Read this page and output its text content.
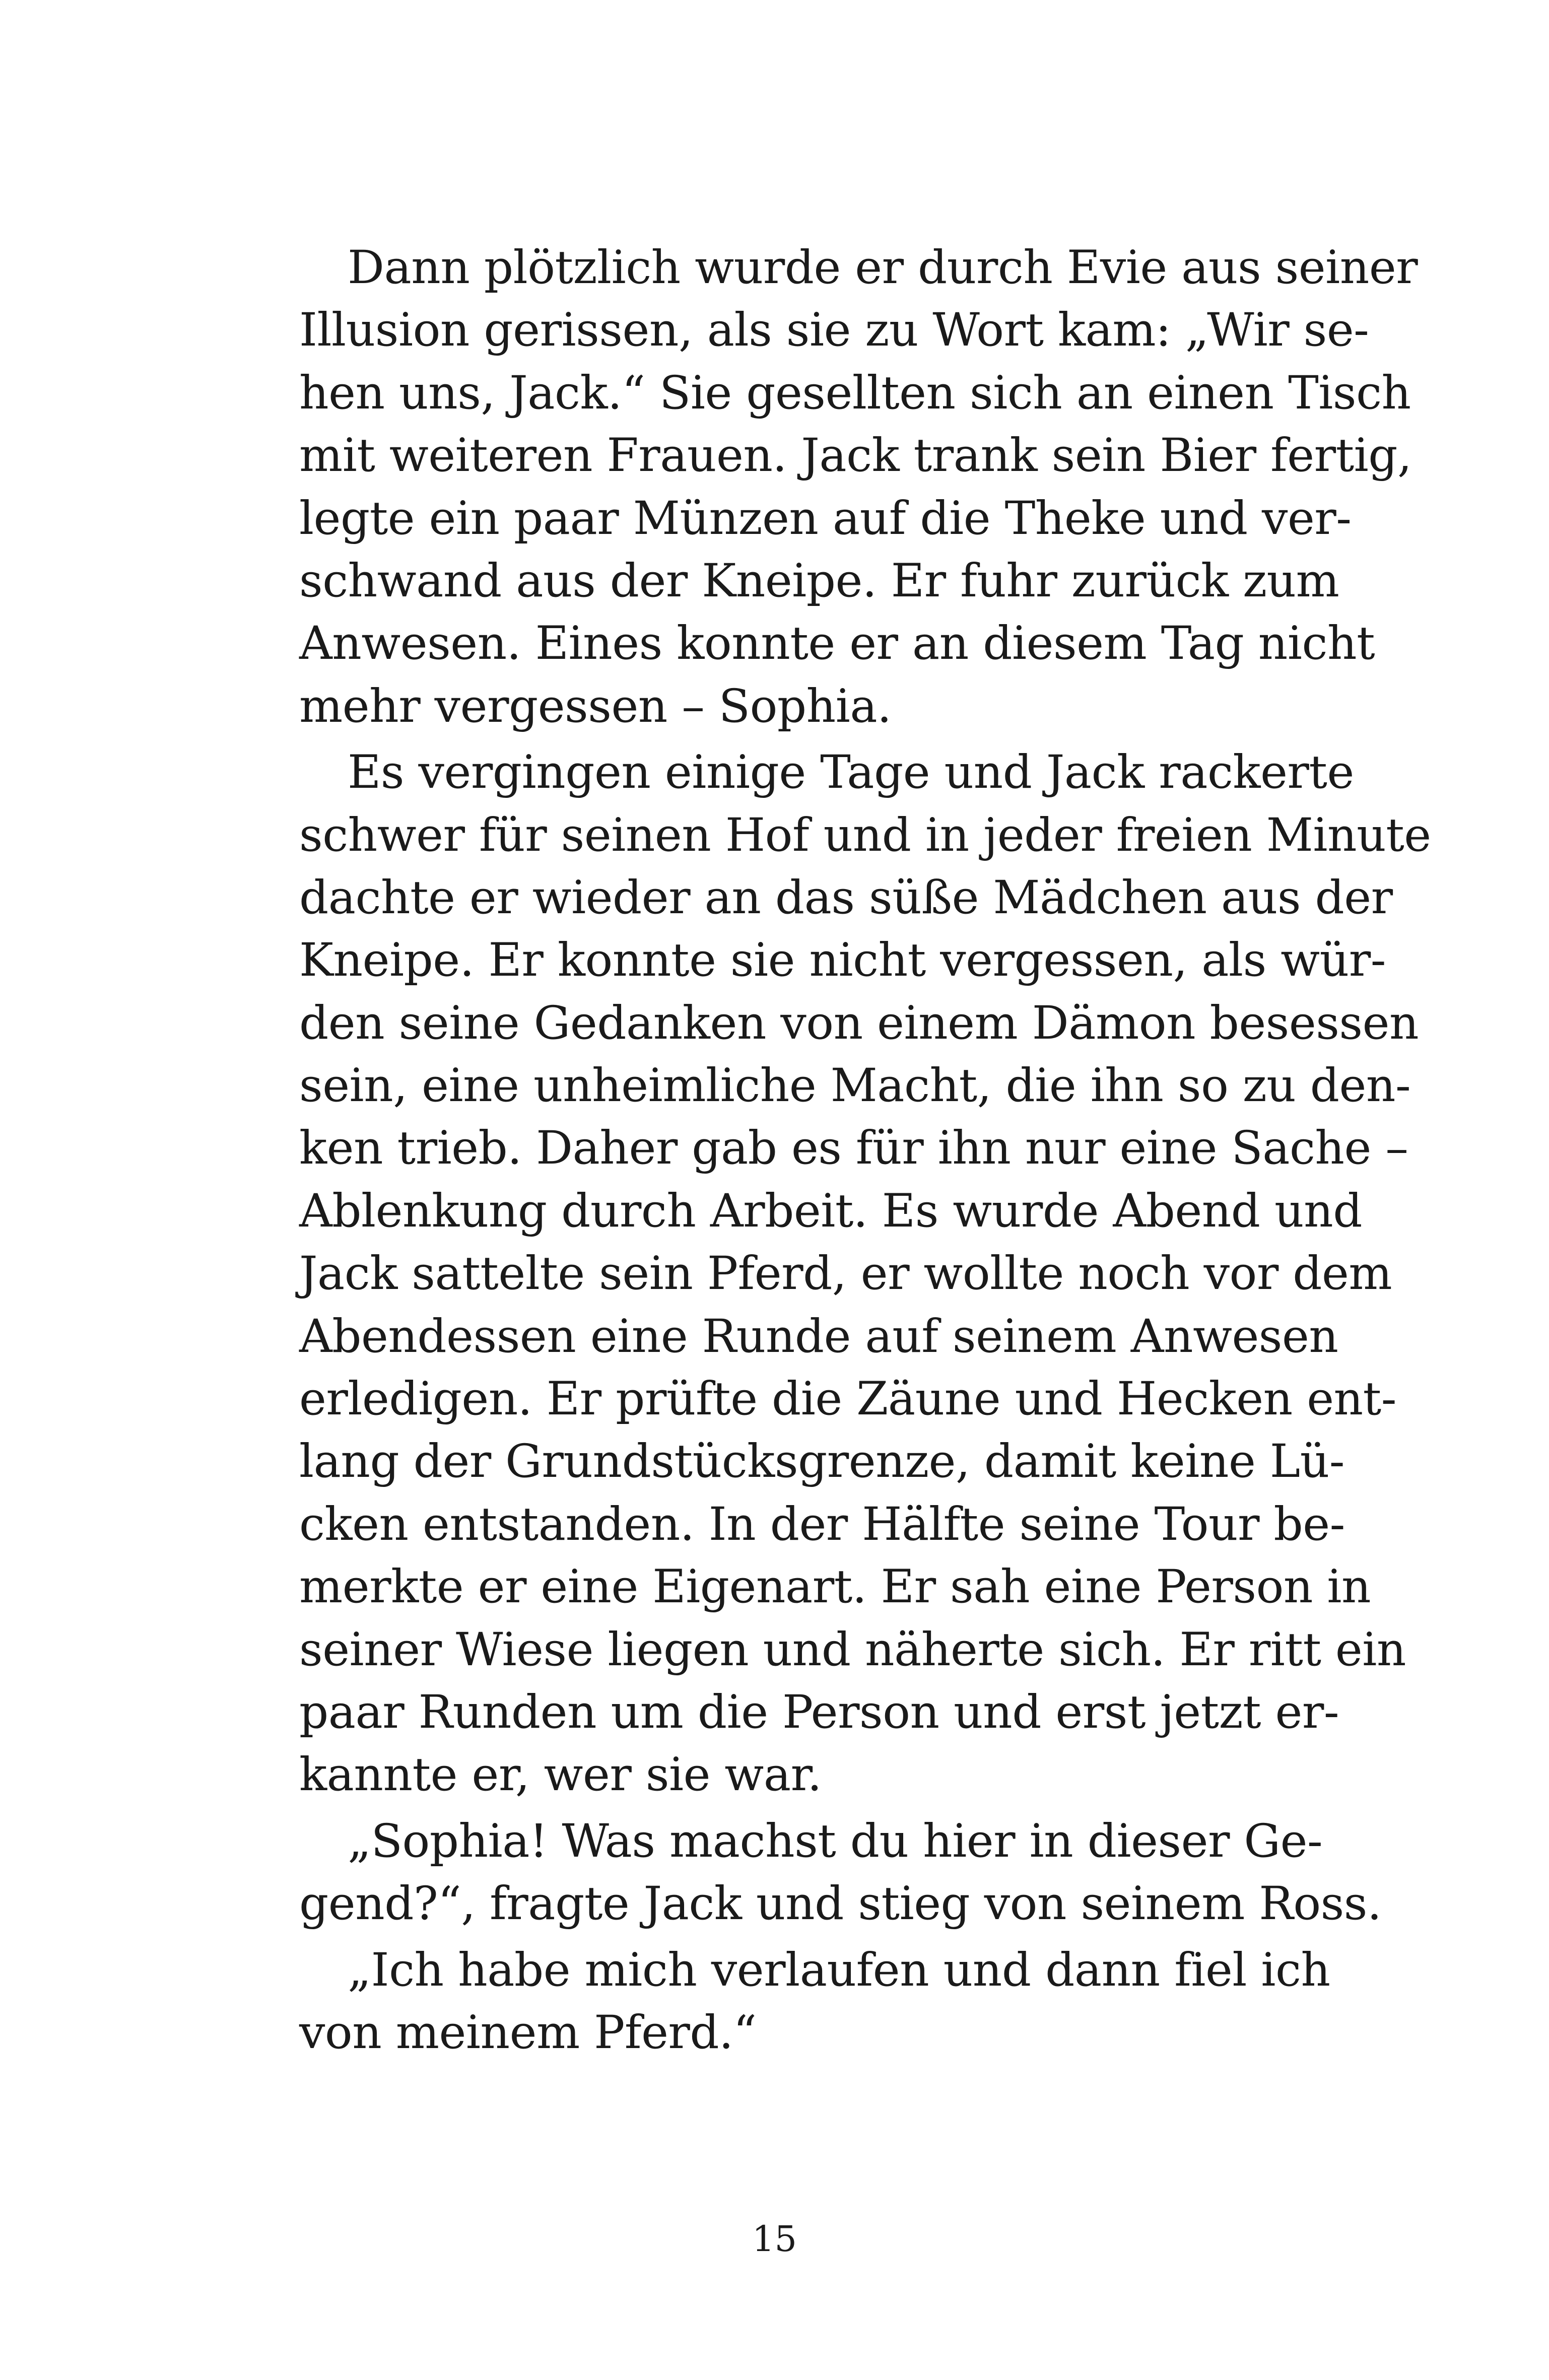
Dann plötzlich wurde er durch Evie aus seiner
Illusion gerissen, als sie zu Wort kam: „Wir se-
hen uns, Jack.“ Sie gesellten sich an einen Tisch
mit weiteren Frauen. Jack trank sein Bier fertig,
legte ein paar Münzen auf die Theke und ver-
schwand aus der Kneipe. Er fuhr zurück zum
Anwesen. Eines konnte er an diesem Tag nicht
mehr vergessen – Sophia.
Es vergingen einige Tage und Jack rackerte
schwer für seinen Hof und in jeder freien Minute
dachte er wieder an das süße Mädchen aus der
Kneipe. Er konnte sie nicht vergessen, als wür-
den seine Gedanken von einem Dämon besessen
sein, eine unheimliche Macht, die ihn so zu den-
ken trieb. Daher gab es für ihn nur eine Sache –
Ablenkung durch Arbeit. Es wurde Abend und
Jack sattelte sein Pferd, er wollte noch vor dem
Abendessen eine Runde auf seinem Anwesen
erledigen. Er prüfte die Zäune und Hecken ent-
lang der Grundstücksgrenze, damit keine Lü-
cken entstanden. In der Hälfte seine Tour be-
merkte er eine Eigenart. Er sah eine Person in
seiner Wiese liegen und näherte sich. Er ritt ein
paar Runden um die Person und erst jetzt er-
kannte er, wer sie war.
„Sophia! Was machst du hier in dieser Ge-
gend?“, fragte Jack und stieg von seinem Ross.
„Ich habe mich verlaufen und dann fiel ich
von meinem Pferd.“
15
